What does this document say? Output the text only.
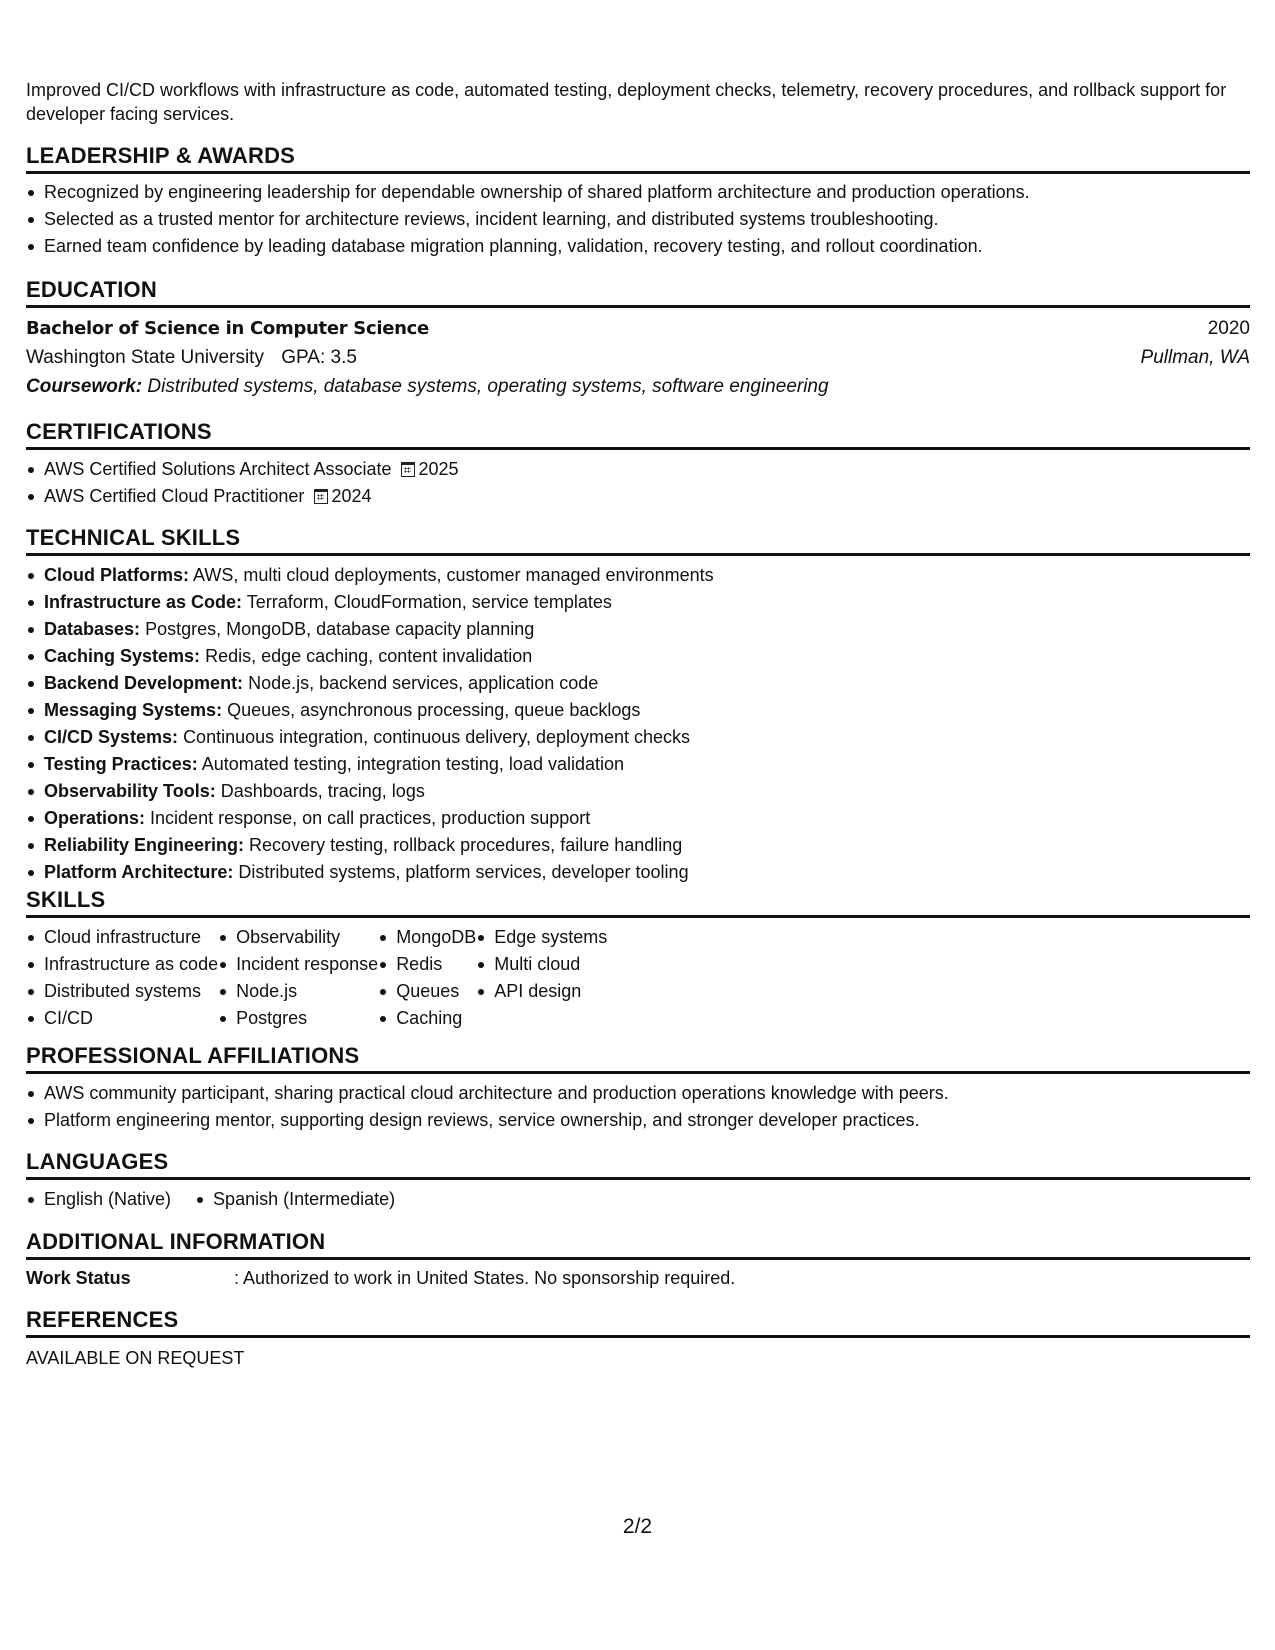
Improved CI/CD workflows with infrastructure as code, automated testing, deployment checks, telemetry, recovery procedures, and rollback support for developer facing services.
LEADERSHIP & AWARDS
Recognized by engineering leadership for dependable ownership of shared platform architecture and production operations.
Selected as a trusted mentor for architecture reviews, incident learning, and distributed systems troubleshooting.
Earned team confidence by leading database migration planning, validation, recovery testing, and rollout coordination.
EDUCATION
Bachelor of Science in Computer Science	2020
Washington State University GPA: 3.5	Pullman, WA
Coursework: Distributed systems, database systems, operating systems, software engineering
CERTIFICATIONS
AWS Certified Solutions Architect Associate 2025
AWS Certified Cloud Practitioner 2024
TECHNICAL SKILLS
Cloud Platforms: AWS, multi cloud deployments, customer managed environments
Infrastructure as Code: Terraform, CloudFormation, service templates
Databases: Postgres, MongoDB, database capacity planning
Caching Systems: Redis, edge caching, content invalidation
Backend Development: Node.js, backend services, application code
Messaging Systems: Queues, asynchronous processing, queue backlogs
CI/CD Systems: Continuous integration, continuous delivery, deployment checks
Testing Practices: Automated testing, integration testing, load validation
Observability Tools: Dashboards, tracing, logs
Operations: Incident response, on call practices, production support
Reliability Engineering: Recovery testing, rollback procedures, failure handling
Platform Architecture: Distributed systems, platform services, developer tooling
SKILLS
Cloud infrastructure
Infrastructure as code
Distributed systems
CI/CD
Observability
Incident response
Node.js
Postgres
MongoDB
Redis
Queues
Caching
Edge systems
Multi cloud
API design
PROFESSIONAL AFFILIATIONS
AWS community participant, sharing practical cloud architecture and production operations knowledge with peers.
Platform engineering mentor, supporting design reviews, service ownership, and stronger developer practices.
LANGUAGES
English (Native)	Spanish (Intermediate)
ADDITIONAL INFORMATION
Work Status	: Authorized to work in United States. No sponsorship required.
REFERENCES
AVAILABLE ON REQUEST
2/2
